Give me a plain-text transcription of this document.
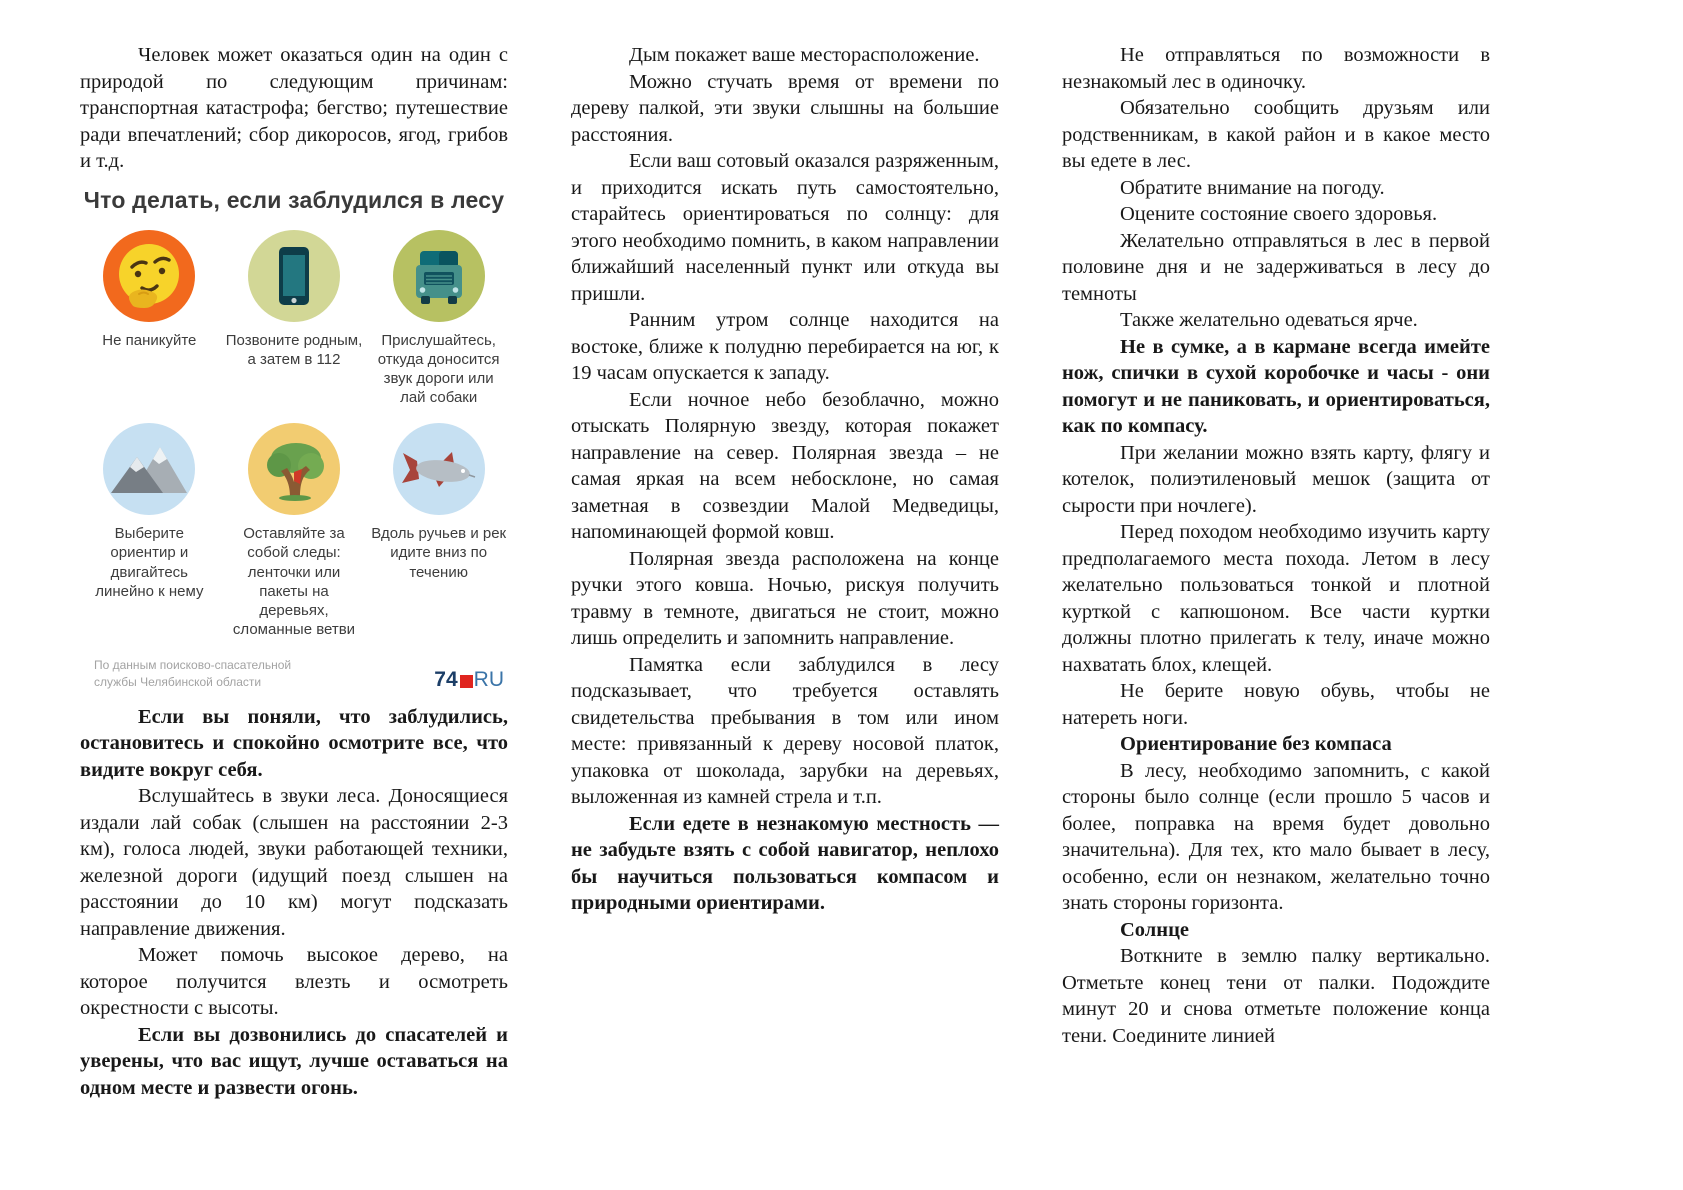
Человек может оказаться один на один с природой по следующим причинам: транспортная катастрофа; бегство; путешествие ради впечатлений; сбор дикоросов, ягод, грибов и т.д.

Что делать, если заблудился в лесу
Не паникуйте Позвоните родным, а затем в 112
Прислушайтесь, откуда доносится звук дороги или лай собаки
Выберите ориентир и двигайтесь линейно к нему
Оставляйте за собой следы: ленточки или пакеты на деревьях, сломанные ветви
Вдоль ручьев и рек идите вниз по течению
По данным поисково-спасательной
службы Челябинской области	74 RU

Если вы поняли, что заблудились, остановитесь и спокойно осмотрите все, что видите вокруг себя.

Вслушайтесь в звуки леса. Доносящиеся издали лай собак (слышен на расстоянии 2-3 км), голоса людей, звуки работающей техники, железной дороги (идущий поезд слышен на расстоянии до 10 км) могут подсказать направление движения.

Может помочь высокое дерево, на которое получится влезть и осмотреть окрестности с высоты.

Если вы дозвонились до спасателей и уверены, что вас ищут, лучше оставаться на одном месте и развести огонь.

Дым покажет ваше месторасположение.

Можно стучать время от времени по дереву палкой, эти звуки слышны на большие расстояния.

Если ваш сотовый оказался разряженным, и приходится искать путь самостоятельно, старайтесь ориентироваться по солнцу: для этого необходимо помнить, в каком направлении ближайший населенный пункт или откуда вы пришли.

Ранним утром солнце находится на востоке, ближе к полудню перебирается на юг, к 19 часам опускается к западу.

Если ночное небо безоблачно, можно отыскать Полярную звезду, которая покажет направление на север. Полярная звезда – не самая яркая на всем небосклоне, но самая заметная в созвездии Малой Медведицы, напоминающей формой ковш.

Полярная звезда расположена на конце ручки этого ковша. Ночью, рискуя получить травму в темноте, двигаться не стоит, можно лишь определить и запомнить направление.

Памятка если заблудился в лесу подсказывает, что требуется оставлять свидетельства пребывания в том или ином месте: привязанный к дереву носовой платок, упаковка от шоколада, зарубки на деревьях, выложенная из камней стрела и т.п.

Если едете в незнакомую местность — не забудьте взять с собой навигатор, неплохо бы научиться пользоваться компасом и природными ориентирами.

Не отправляться по возможности в незнакомый лес в одиночку.

Обязательно сообщить друзьям или родственникам, в какой район и в какое место вы едете в лес.

Обратите внимание на погоду.

Оцените состояние своего здоровья.

Желательно отправляться в лес в первой половине дня и не задерживаться в лесу до темноты

Также желательно одеваться ярче.

Не в сумке, а в кармане всегда имейте нож, спички в сухой коробочке и часы - они помогут и не паниковать, и ориентироваться, как по компасу.

При желании можно взять карту, флягу и котелок, полиэтиленовый мешок (защита от сырости при ночлеге).

Перед походом необходимо изучить карту предполагаемого места похода. Летом в лесу желательно пользоваться тонкой и плотной курткой с капюшоном. Все части куртки должны плотно прилегать к телу, иначе можно нахватать блох, клещей.

Не берите новую обувь, чтобы не натереть ноги.

Ориентирование без компаса

В лесу, необходимо запомнить, с какой стороны было солнце (если прошло 5 часов и более, поправка на время будет довольно значительна). Для тех, кто мало бывает в лесу, особенно, если он незнаком, желательно точно знать стороны горизонта.

Солнце

Воткните в землю палку вертикально. Отметьте конец тени от палки. Подождите минут 20 и снова отметьте положение конца тени. Соедините линией
